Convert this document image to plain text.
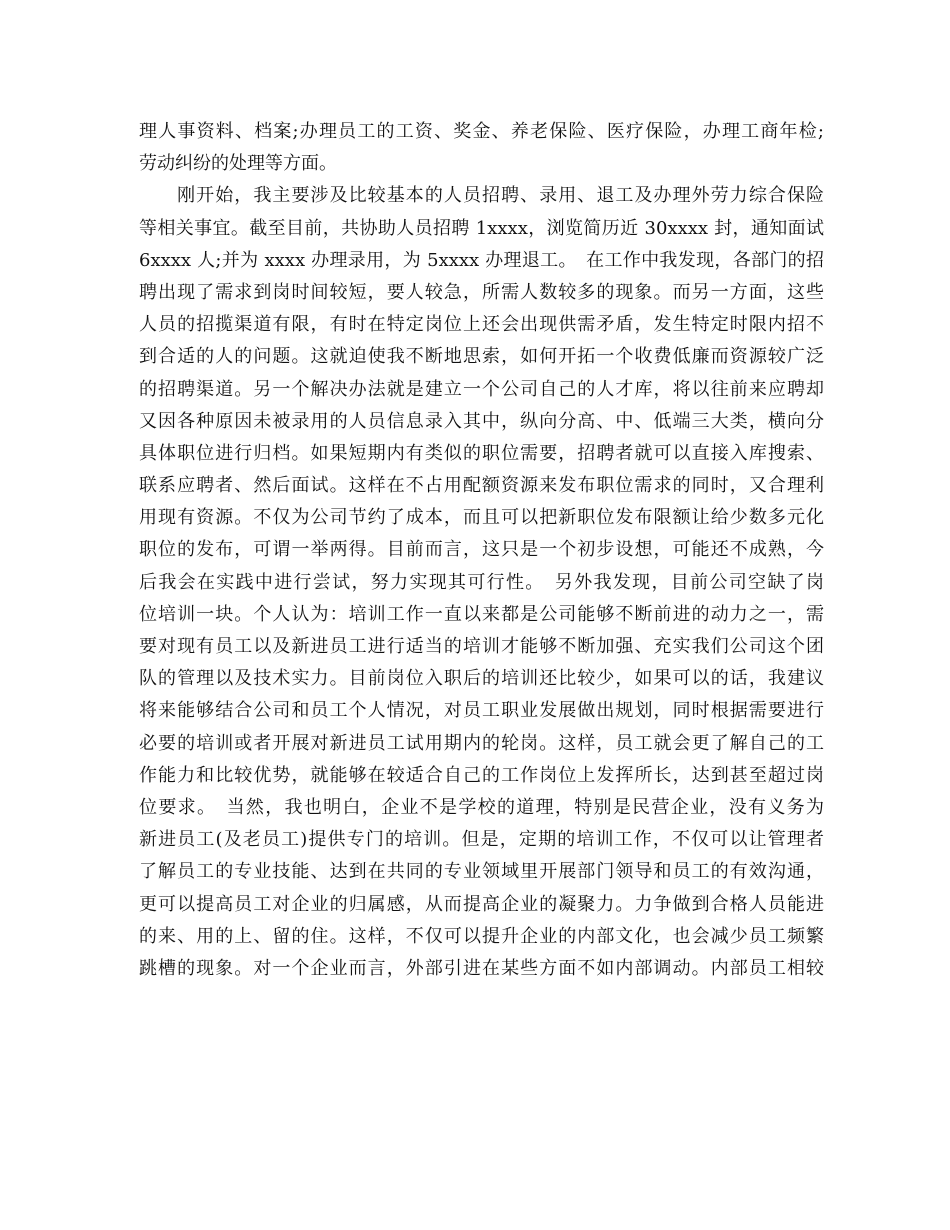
理人事资料、档案;办理员工的工资、奖金、养老保险、医疗保险，办理工商年检;
劳动纠纷的处理等方面。
　　刚开始，我主要涉及比较基本的人员招聘、录用、退工及办理外劳力综合保险
等相关事宜。截至目前，共协助人员招聘 1xxxx，浏览简历近 30xxxx 封，通知面试
6xxxx 人;并为 xxxx 办理录用，为 5xxxx 办理退工。　在工作中我发现，各部门的招
聘出现了需求到岗时间较短，要人较急，所需人数较多的现象。而另一方面，这些
人员的招揽渠道有限，有时在特定岗位上还会出现供需矛盾，发生特定时限内招不
到合适的人的问题。这就迫使我不断地思索，如何开拓一个收费低廉而资源较广泛
的招聘渠道。另一个解决办法就是建立一个公司自己的人才库，将以往前来应聘却
又因各种原因未被录用的人员信息录入其中，纵向分高、中、低端三大类，横向分
具体职位进行归档。如果短期内有类似的职位需要，招聘者就可以直接入库搜索、
联系应聘者、然后面试。这样在不占用配额资源来发布职位需求的同时，又合理利
用现有资源。不仅为公司节约了成本，而且可以把新职位发布限额让给少数多元化
职位的发布，可谓一举两得。目前而言，这只是一个初步设想，可能还不成熟，今
后我会在实践中进行尝试，努力实现其可行性。　另外我发现，目前公司空缺了岗
位培训一块。个人认为：培训工作一直以来都是公司能够不断前进的动力之一，需
要对现有员工以及新进员工进行适当的培训才能够不断加强、充实我们公司这个团
队的管理以及技术实力。目前岗位入职后的培训还比较少，如果可以的话，我建议
将来能够结合公司和员工个人情况，对员工职业发展做出规划，同时根据需要进行
必要的培训或者开展对新进员工试用期内的轮岗。这样，员工就会更了解自己的工
作能力和比较优势，就能够在较适合自己的工作岗位上发挥所长，达到甚至超过岗
位要求。　当然，我也明白，企业不是学校的道理，特别是民营企业，没有义务为
新进员工(及老员工)提供专门的培训。但是，定期的培训工作，不仅可以让管理者
了解员工的专业技能、达到在共同的专业领域里开展部门领导和员工的有效沟通，
更可以提高员工对企业的归属感，从而提高企业的凝聚力。力争做到合格人员能进
的来、用的上、留的住。这样，不仅可以提升企业的内部文化，也会减少员工频繁
跳槽的现象。对一个企业而言，外部引进在某些方面不如内部调动。内部员工相较
